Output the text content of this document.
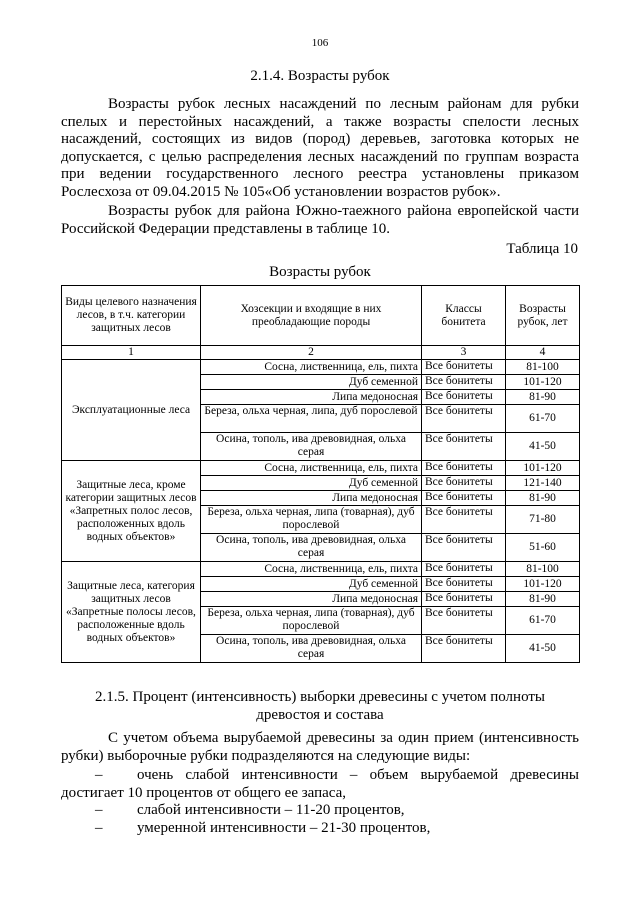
106
2.1.4. Возрасты рубок
Возрасты рубок лесных насаждений по лесным районам для рубки спелых и перестойных насаждений, а также возрасты спелости лесных насаждений, состоящих из видов (пород) деревьев, заготовка которых не допускается, с целью распределения лесных насаждений по группам возраста при ведении государственного лесного реестра установлены приказом Рослесхоза от 09.04.2015 № 105«Об установлении возрастов рубок».
Возрасты рубок для района Южно-таежного района европейской части Российской Федерации представлены в таблице 10.
Таблица 10
Возрасты рубок
Виды целевого назначения лесов, в т.ч. категории защитных лесов	Хозсекции и входящие в них преобладающие породы	Классы бонитета	Возрасты рубок, лет
1	2	3	4
Эксплуатационные леса	Сосна, лиственница, ель, пихта	Все бонитеты	81-100
	Дуб семенной	Все бонитеты	101-120
	Липа медоносная	Все бонитеты	81-90
	Береза, ольха черная, липа, дуб порослевой	Все бонитеты	61-70
	Осина, тополь, ива древовидная, ольха серая	Все бонитеты	41-50
Защитные леса, кроме категории защитных лесов «Запретных полос лесов, расположенных вдоль водных объектов»	Сосна, лиственница, ель, пихта	Все бонитеты	101-120
	Дуб семенной	Все бонитеты	121-140
	Липа медоносная	Все бонитеты	81-90
	Береза, ольха черная, липа (товарная), дуб порослевой	Все бонитеты	71-80
	Осина, тополь, ива древовидная, ольха серая	Все бонитеты	51-60
Защитные леса, категория защитных лесов «Запретные полосы лесов, расположенные вдоль водных объектов»	Сосна, лиственница, ель, пихта	Все бонитеты	81-100
	Дуб семенной	Все бонитеты	101-120
	Липа медоносная	Все бонитеты	81-90
	Береза, ольха черная, липа (товарная), дуб порослевой	Все бонитеты	61-70
	Осина, тополь, ива древовидная, ольха серая	Все бонитеты	41-50
2.1.5. Процент (интенсивность) выборки древесины с учетом полноты
древостоя и состава
С учетом объема вырубаемой древесины за один прием (интенсивность рубки) выборочные рубки подразделяются на следующие виды:
– очень слабой интенсивности – объем вырубаемой древесины
достигает 10 процентов от общего ее запаса,
– слабой интенсивности – 11-20 процентов,
– умеренной интенсивности – 21-30 процентов,
